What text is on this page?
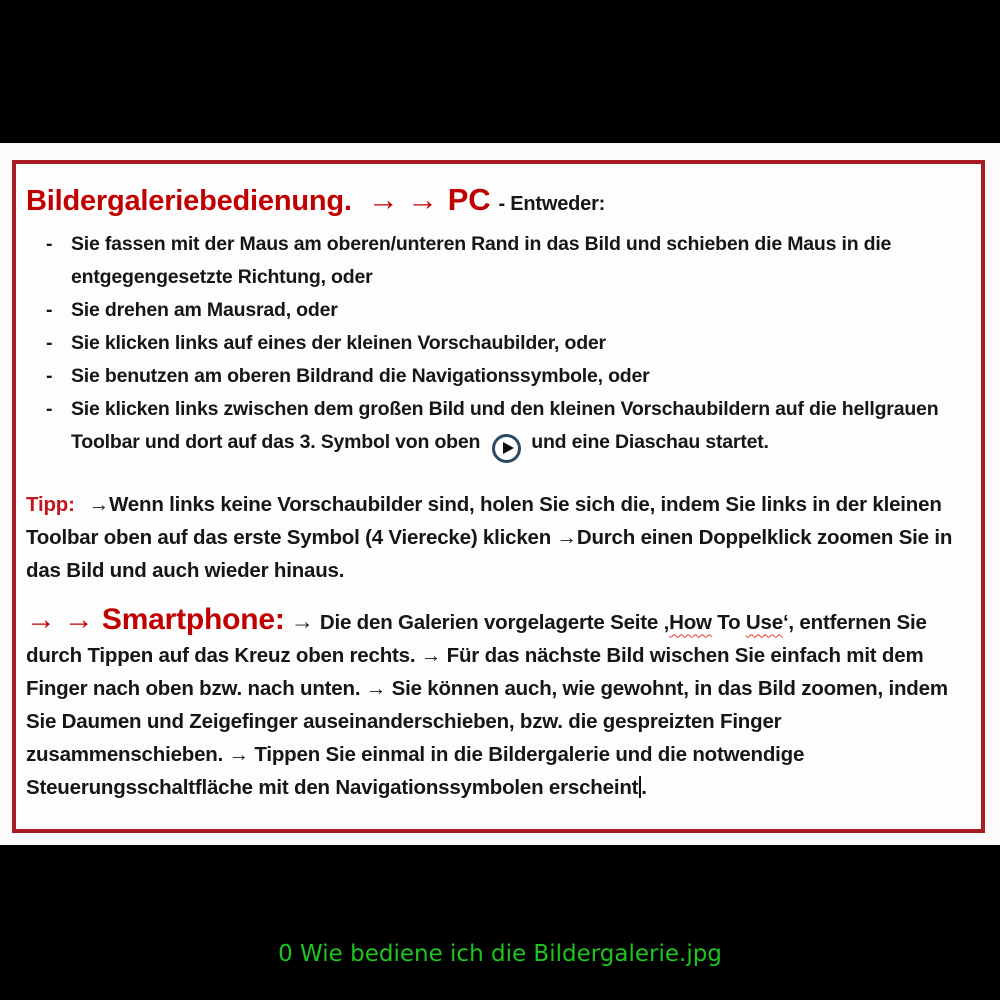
Bildergaleriebedienung. → → PC - Entweder:
- Sie fassen mit der Maus am oberen/unteren Rand in das Bild und schieben die Maus in die entgegengesetzte Richtung, oder
- Sie drehen am Mausrad, oder
- Sie klicken links auf eines der kleinen Vorschaubilder, oder
- Sie benutzen am oberen Bildrand die Navigationssymbole, oder
- Sie klicken links zwischen dem großen Bild und den kleinen Vorschaubildern auf die hellgrauen Toolbar und dort auf das 3. Symbol von oben	und eine Diaschau startet.
Tipp: →Wenn links keine Vorschaubilder sind, holen Sie sich die, indem Sie links in der kleinen Toolbar oben auf das erste Symbol (4 Vierecke) klicken →Durch einen Doppelklick zoomen Sie in das Bild und auch wieder hinaus.
→ → Smartphone: → Die den Galerien vorgelagerte Seite ‚How To Use‘, entfernen Sie durch Tippen auf das Kreuz oben rechts. → Für das nächste Bild wischen Sie einfach mit dem Finger nach oben bzw. nach unten. → Sie können auch, wie gewohnt, in das Bild zoomen, indem Sie Daumen und Zeigefinger auseinanderschieben, bzw. die gespreizten Finger zusammenschieben. → Tippen Sie einmal in die Bildergalerie und die notwendige Steuerungsschaltfläche mit den Navigationssymbolen erscheint .
0 Wie bediene ich die Bildergalerie.jpg
